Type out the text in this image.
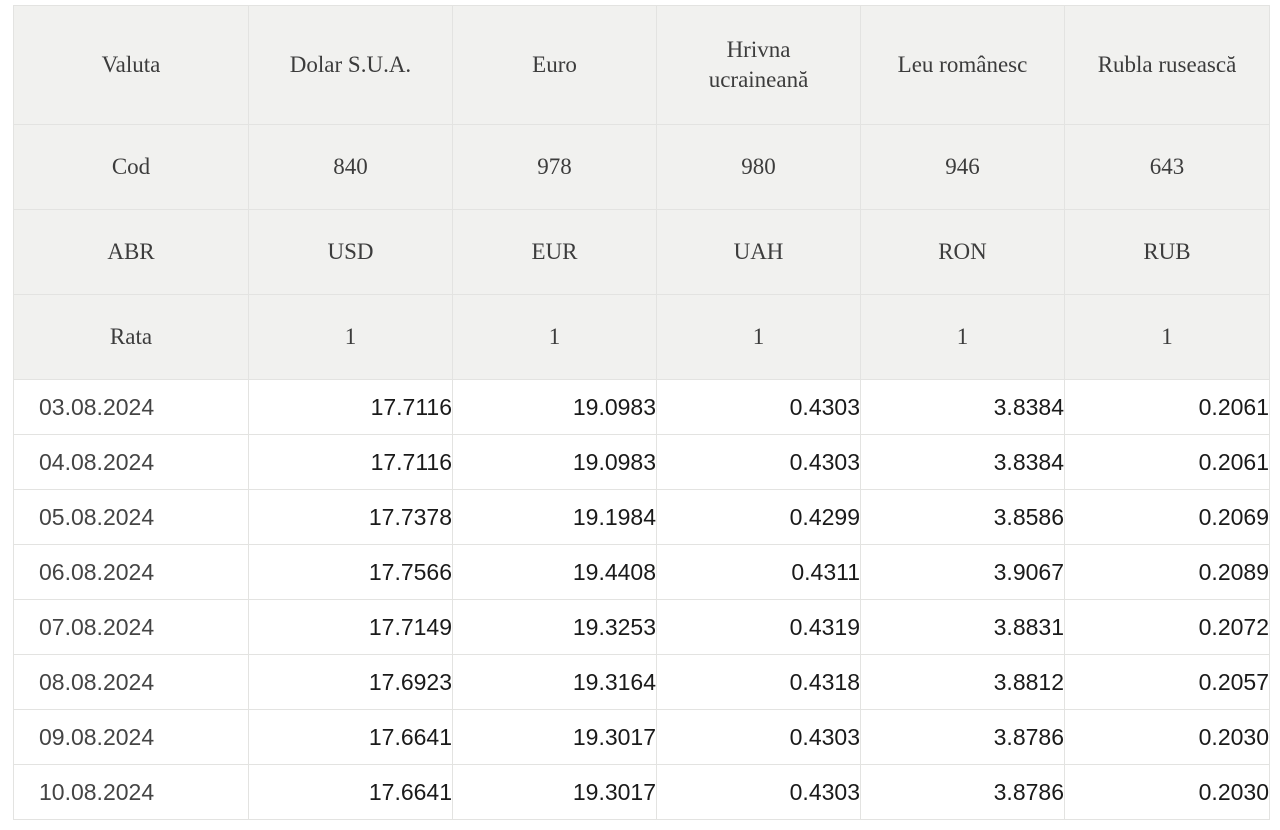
Valuta	Dolar S.U.A.	Euro	Hrivna ucraineană	Leu românesc	Rubla rusească
Cod	840	978	980	946	643
ABR	USD	EUR	UAH	RON	RUB
Rata	1	1	1	1	1
03.08.2024	17.7116	19.0983	0.4303	3.8384	0.2061
04.08.2024	17.7116	19.0983	0.4303	3.8384	0.2061
05.08.2024	17.7378	19.1984	0.4299	3.8586	0.2069
06.08.2024	17.7566	19.4408	0.4311	3.9067	0.2089
07.08.2024	17.7149	19.3253	0.4319	3.8831	0.2072
08.08.2024	17.6923	19.3164	0.4318	3.8812	0.2057
09.08.2024	17.6641	19.3017	0.4303	3.8786	0.2030
10.08.2024	17.6641	19.3017	0.4303	3.8786	0.2030
